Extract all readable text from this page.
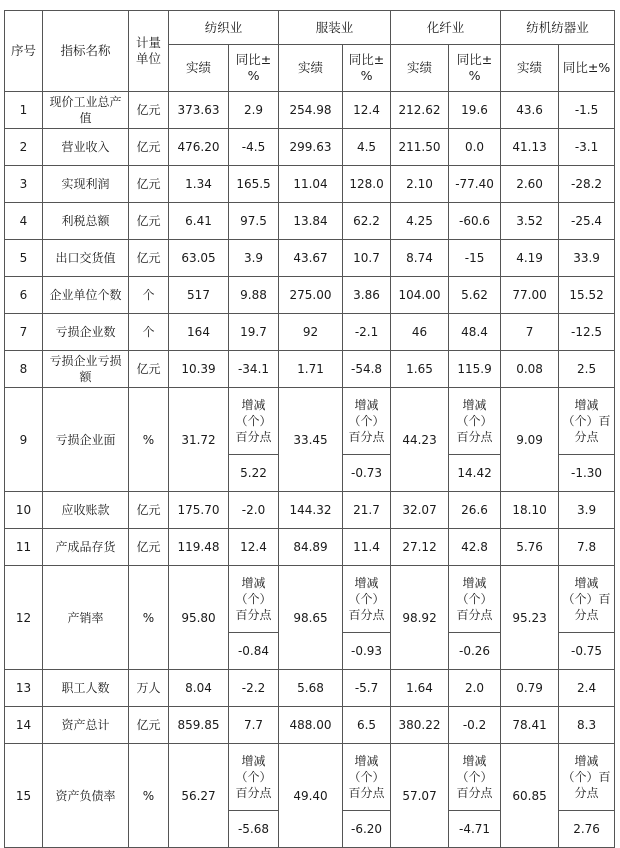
序号	指标名称	计量单位	纺织业		服装业		化纤业		纺机纺器业	
			实绩	同比±%	实绩	同比±%	实绩	同比±%	实绩	同比±%
1	现价工业总产值	亿元	373.63	2.9	254.98	12.4	212.62	19.6	43.6	-1.5
2	营业收入	亿元	476.20	-4.5	299.63	4.5	211.50	0.0	41.13	-3.1
3	实现利润	亿元	1.34	165.5	11.04	128.0	2.10	-77.40	2.60	-28.2
4	利税总额	亿元	6.41	97.5	13.84	62.2	4.25	-60.6	3.52	-25.4
5	出口交货值	亿元	63.05	3.9	43.67	10.7	8.74	-15	4.19	33.9
6	企业单位个数	个	517	9.88	275.00	3.86	104.00	5.62	77.00	15.52
7	亏损企业数	个	164	19.7	92	-2.1	46	48.4	7	-12.5
8	亏损企业亏损额	亿元	10.39	-34.1	1.71	-54.8	1.65	115.9	0.08	2.5
9	亏损企业面	%	31.72	增减（个）百分点	33.45	增减（个）百分点	44.23	增减（个）百分点	9.09	增减（个）百分点
				5.22		-0.73		14.42		-1.30
10	应收账款	亿元	175.70	-2.0	144.32	21.7	32.07	26.6	18.10	3.9
11	产成品存货	亿元	119.48	12.4	84.89	11.4	27.12	42.8	5.76	7.8
12	产销率	%	95.80	增减（个）百分点	98.65	增减（个）百分点	98.92	增减（个）百分点	95.23	增减（个）百分点
				-0.84		-0.93		-0.26		-0.75
13	职工人数	万人	8.04	-2.2	5.68	-5.7	1.64	2.0	0.79	2.4
14	资产总计	亿元	859.85	7.7	488.00	6.5	380.22	-0.2	78.41	8.3
15	资产负债率	%	56.27	增减（个）百分点	49.40	增减（个）百分点	57.07	增减（个）百分点	60.85	增减（个）百分点
				-5.68		-6.20		-4.71		2.76
